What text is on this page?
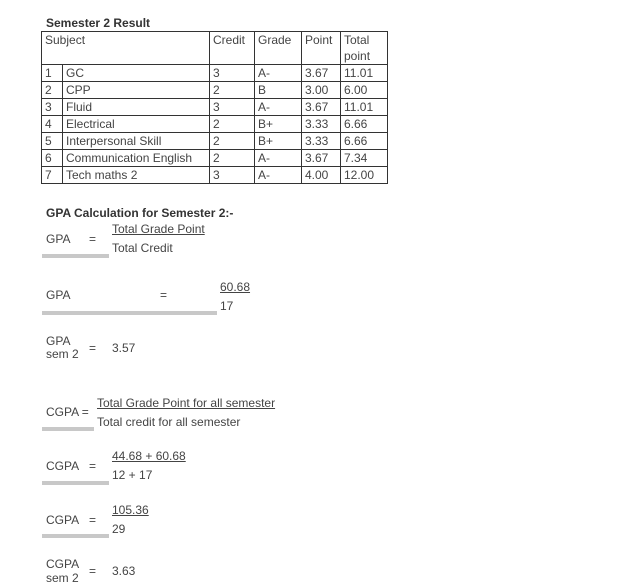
Semester 2 Result
Subject		Credit	Grade	Point	Total point
1	GC	3	A-	3.67	11.01
2	CPP	2	B	3.00	6.00
3	Fluid	3	A-	3.67	11.01
4	Electrical	2	B+	3.33	6.66
5	Interpersonal Skill	2	B+	3.33	6.66
6	Communication English	2	A-	3.67	7.34
7	Tech maths 2	3	A-	4.00	12.00
GPA Calculation for Semester 2:-
GPA =
Total Grade Point
Total Credit
GPA	=
60.68
17
GPA
sem 2 = 3.57
CGPA =
Total Grade Point for all semester
Total credit for all semester
CGPA =
44.68 + 60.68
12 + 17
CGPA =
105.36
29
CGPA
sem 2 = 3.63
